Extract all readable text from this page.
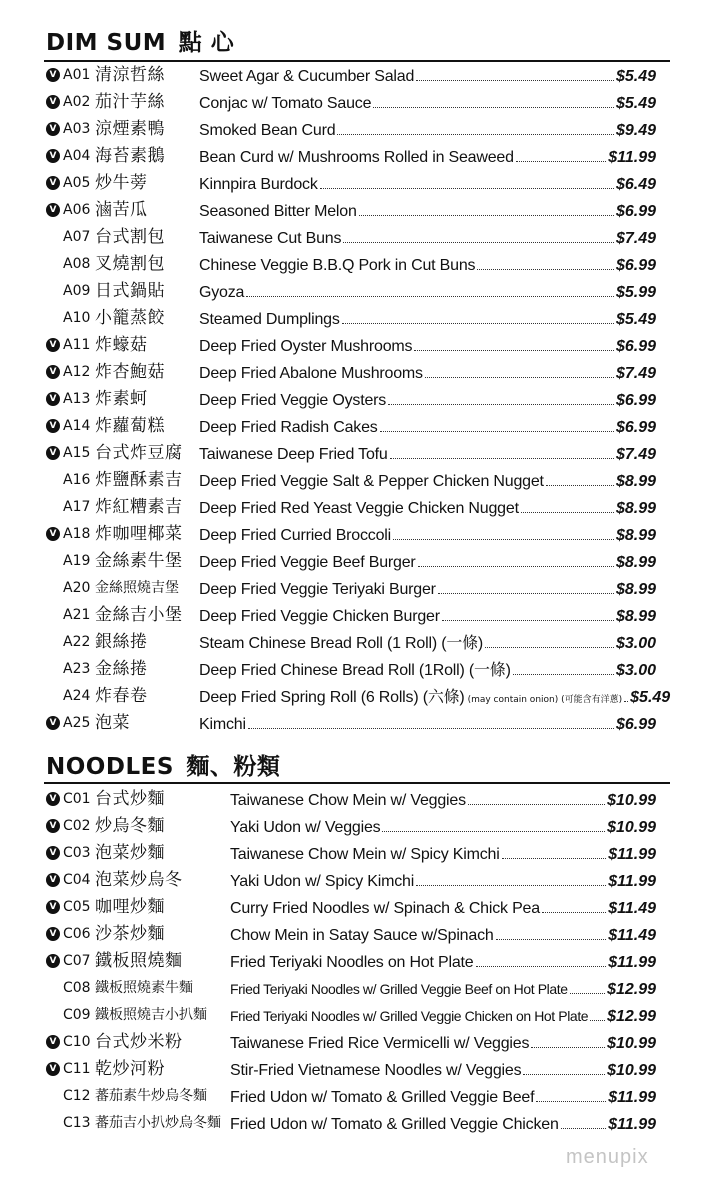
DIM SUM 點 心
V A01 清涼哲絲 Sweet Agar & Cucumber Salad	$5.49
V A02 茄汁芋絲 Conjac w/ Tomato Sauce	$5.49
V A03 涼煙素鴨 Smoked Bean Curd	$9.49
V A04 海苔素鵝 Bean Curd w/ Mushrooms Rolled in Seaweed	$11.99
V A05 炒牛蒡	Kinnpira Burdock	$6.49
V A06 滷苦瓜	Seasoned Bitter Melon	$6.99
A07 台式割包 Taiwanese Cut Buns	$7.49
A08 叉燒割包 Chinese Veggie B.B.Q Pork in Cut Buns	$6.99
A09 日式鍋貼 Gyoza	$5.99
A10 小籠蒸餃 Steamed Dumplings	$5.49
V A11 炸蠔菇	Deep Fried Oyster Mushrooms	$6.99
V A12 炸杏鮑菇 Deep Fried Abalone Mushrooms	$7.49
V A13 炸素蚵	Deep Fried Veggie Oysters	$6.99
V A14 炸蘿蔔糕 Deep Fried Radish Cakes	$6.99
V A15 台式炸豆腐 Taiwanese Deep Fried Tofu	$7.49
A16 炸鹽酥素吉 Deep Fried Veggie Salt & Pepper Chicken Nugget	$8.99
A17 炸紅糟素吉 Deep Fried Red Yeast Veggie Chicken Nugget	$8.99
V A18 炸咖哩椰菜 Deep Fried Curried Broccoli	$8.99
A19 金絲素牛堡 Deep Fried Veggie Beef Burger	$8.99
A20 金絲照燒吉堡 Deep Fried Veggie Teriyaki Burger	$8.99
A21 金絲吉小堡 Deep Fried Veggie Chicken Burger	$8.99
A22 銀絲捲	Steam Chinese Bread Roll (1 Roll) (一條)	$3.00
A23 金絲捲	Deep Fried Chinese Bread Roll (1Roll) (一條)	$3.00
A24 炸春卷	Deep Fried Spring Roll (6 Rolls) (六條) (may contain onion) (可能含有洋蔥) $5.49
V A25 泡菜	Kimchi	$6.99
NOODLES 麵、粉類
V C01 台式炒麵	Taiwanese Chow Mein w/ Veggies	$10.99
V C02 炒烏冬麵	Yaki Udon w/ Veggies	$10.99
V C03 泡菜炒麵	Taiwanese Chow Mein w/ Spicy Kimchi	$11.99
V C04 泡菜炒烏冬	Yaki Udon w/ Spicy Kimchi	$11.99
V C05 咖哩炒麵	Curry Fried Noodles w/ Spinach & Chick Pea	$11.49
V C06 沙茶炒麵	Chow Mein in Satay Sauce w/Spinach	$11.49
V C07 鐵板照燒麵	Fried Teriyaki Noodles on Hot Plate	$11.99
C08 鐵板照燒素牛麵	Fried Teriyaki Noodles w/ Grilled Veggie Beef on Hot Plate $12.99
C09 鐵板照燒吉小扒麵 Fried Teriyaki Noodles w/ Grilled Veggie Chicken on Hot Plate $12.99
V C10 台式炒米粉	Taiwanese Fried Rice Vermicelli w/ Veggies	$10.99
V C11 乾炒河粉	Stir-Fried Vietnamese Noodles w/ Veggies	$10.99
C12 蕃茄素牛炒烏冬麵 Fried Udon w/ Tomato & Grilled Veggie Beef	$11.99
C13 蕃茄吉小扒炒烏冬麵 Fried Udon w/ Tomato & Grilled Veggie Chicken	$11.99
menupix
